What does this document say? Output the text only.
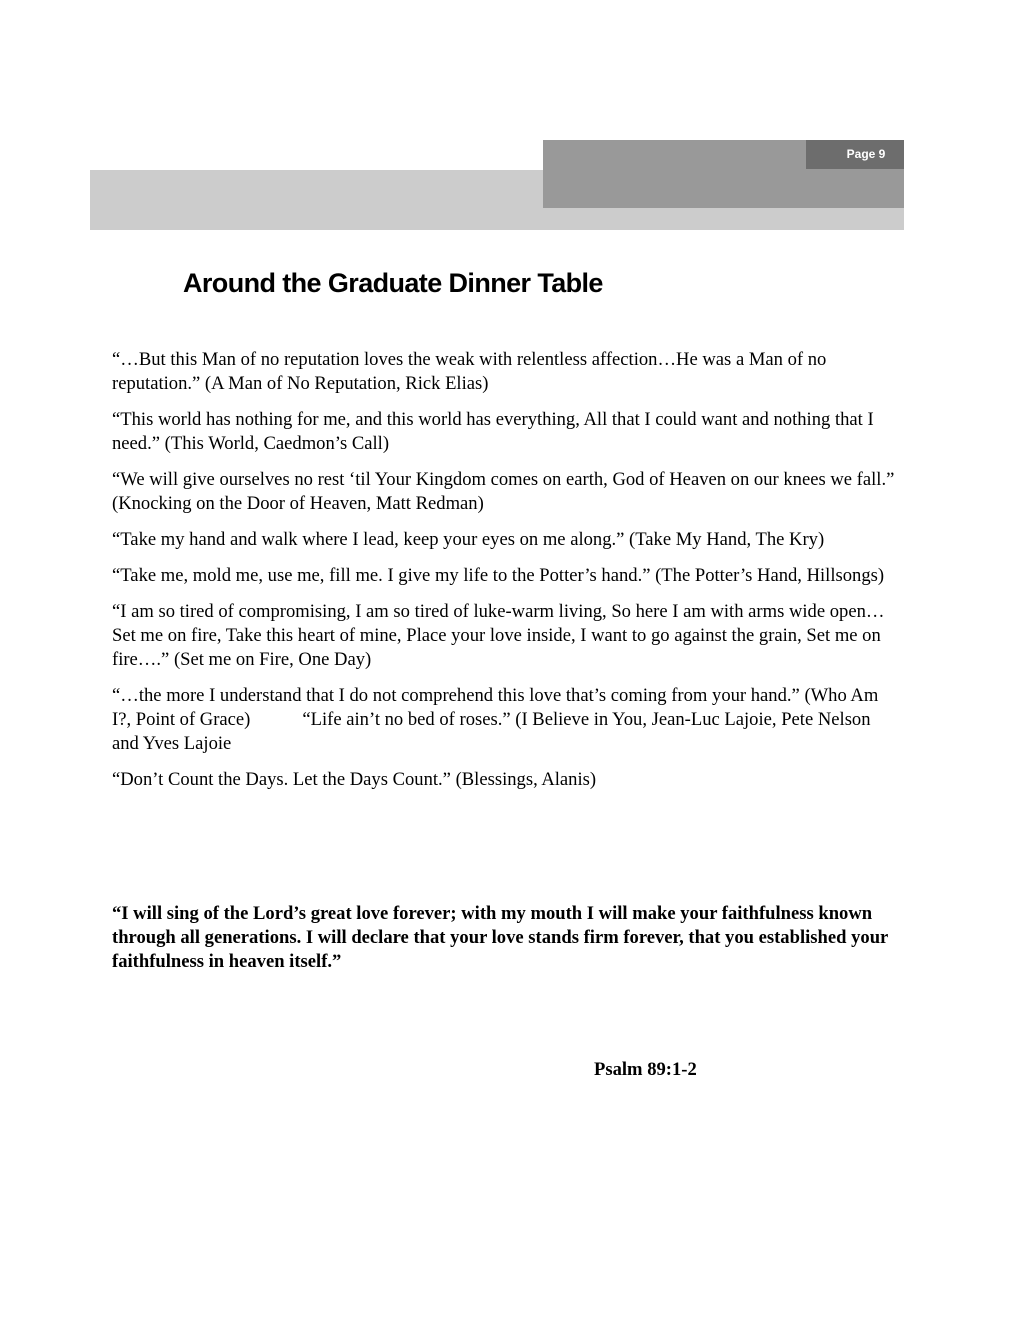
Page 9
Around the Graduate Dinner Table

“…But this Man of no reputation loves the weak with relentless affection…He was a Man of no reputation.” (A Man of No Reputation, Rick Elias)

“This world has nothing for me, and this world has everything, All that I could want and nothing that I need.” (This World, Caedmon’s Call)

“We will give ourselves no rest ‘til Your Kingdom comes on earth, God of Heaven on our knees we fall.” (Knocking on the Door of Heaven, Matt Redman)

“Take my hand and walk where I lead, keep your eyes on me along.” (Take My Hand, The Kry)

“Take me, mold me, use me, fill me. I give my life to the Potter’s hand.” (The Potter’s Hand, Hillsongs)

“I am so tired of compromising, I am so tired of luke-warm living, So here I am with arms wide open…Set me on fire, Take this heart of mine, Place your love inside, I want to go against the grain, Set me on fire….” (Set me on Fire, One Day)

“…the more I understand that I do not comprehend this love that’s coming from your hand.” (Who Am I?, Point of Grace)	“Life ain’t no bed of roses.” (I Believe in You, Jean-Luc Lajoie, Pete Nelson and Yves Lajoie

“Don’t Count the Days. Let the Days Count.” (Blessings, Alanis)

“I will sing of the Lord’s great love forever; with my mouth I will make your faithfulness known through all generations. I will declare that your love stands firm forever, that you established your faithfulness in heaven itself.”

Psalm 89:1-2
